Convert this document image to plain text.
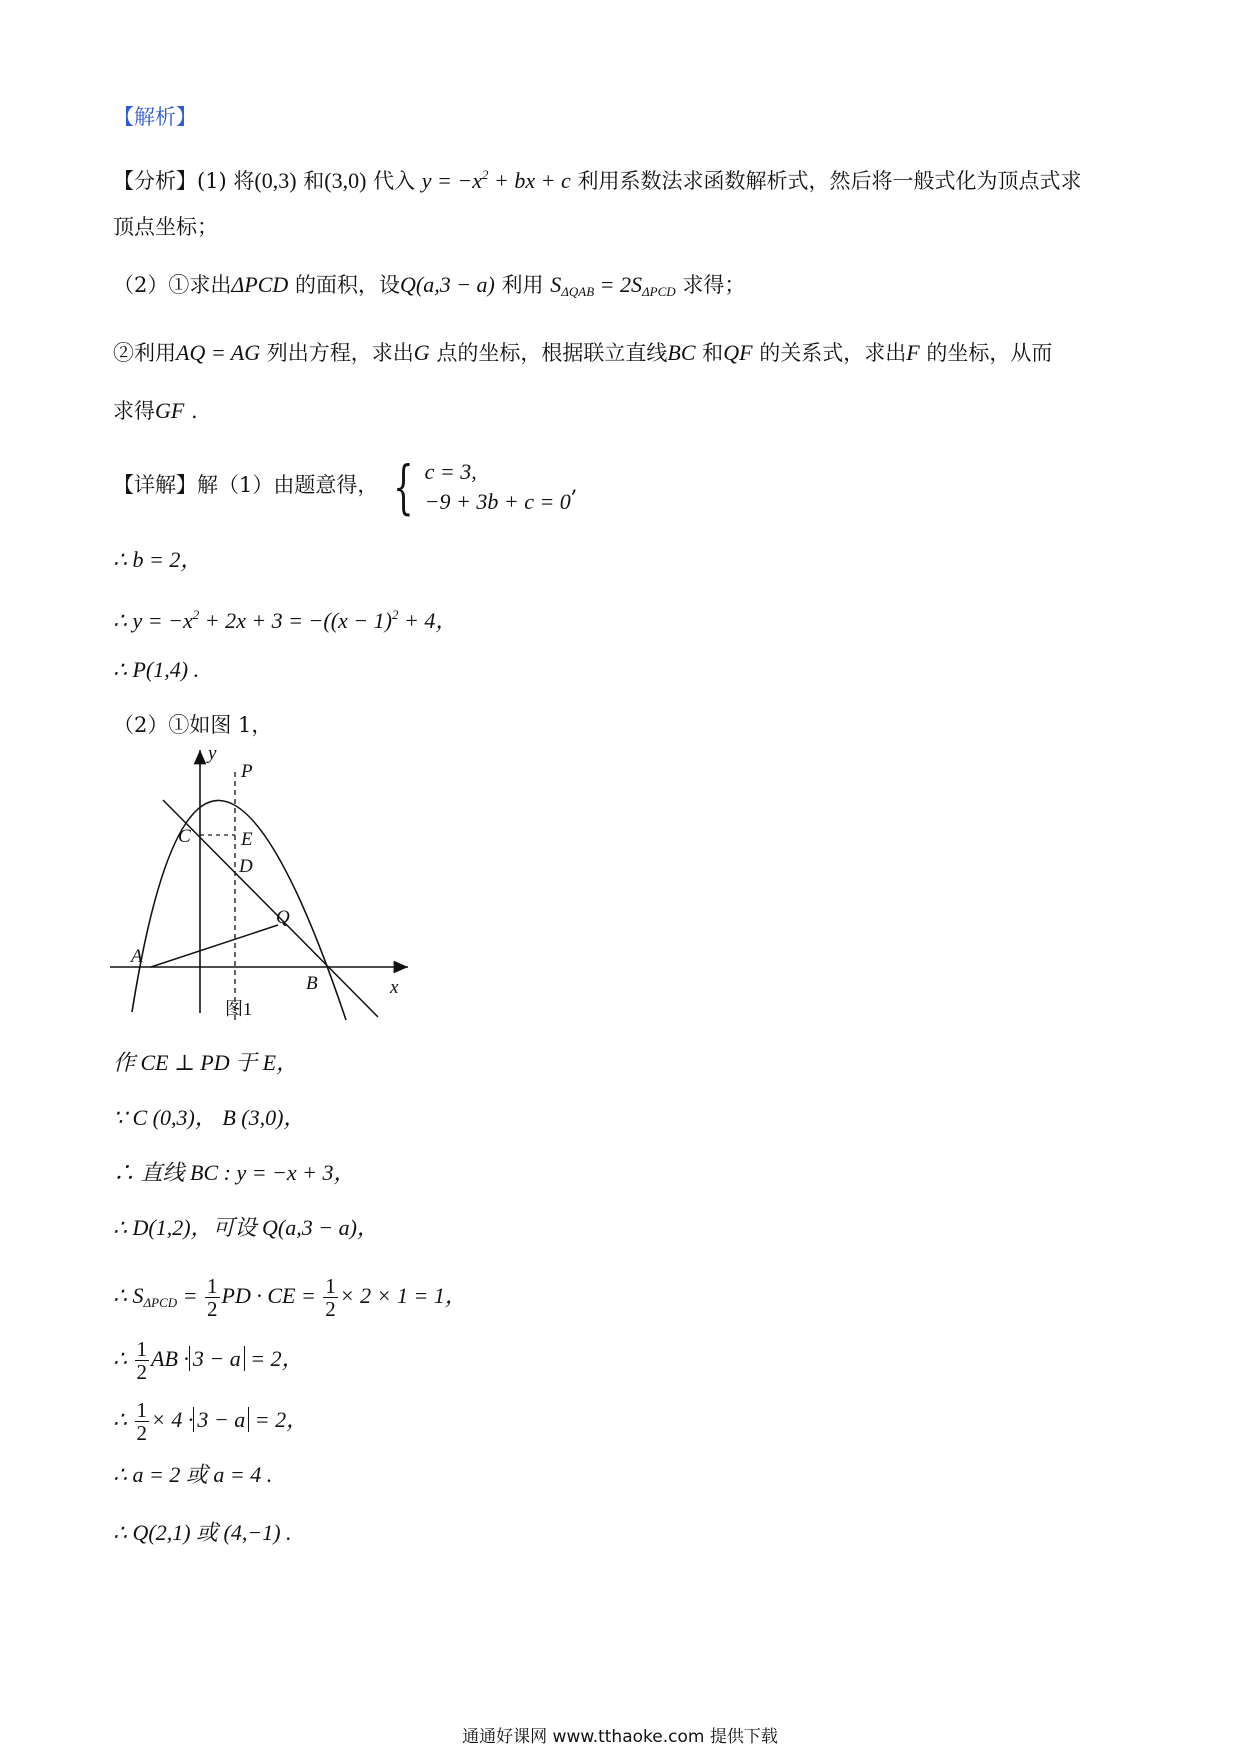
【解析】
【分析】(1) 将(0,3) 和(3,0) 代入 $y = -x^2$ + bx + c 利用系数法求函数解析式，然后将一般式化为顶点式求
顶点坐标；
（2）①求出ΔPCD 的面积，设Q(a,3 − a) 利用 $S_{\Delta QAB} = 2S_{\Delta PCD}$ 求得；
②利用AQ = AG 列出方程，求出G 点的坐标，根据联立直线BC 和QF 的关系式，求出F 的坐标，从而
求得GF .
【详解】解（1）由题意得， { c = 3,
−9 + 3b + c = 0
,
∴ b = 2，
∴ $y = -x^2 + 2x + 3 = -((x - 1)^2 + 4$，
∴ P(1,4) .
（2）①如图 1，
y
x
P
C	E
D
Q
A
B
图1
作 CE ⊥ PD 于 E，
∵ C (0,3)， B (3,0)，
∴ 直线 BC : y = −x + 3，
∴ D(1,2)，可设 Q(a,3 − a)，
∴ $S_{\Delta PCD} = \frac{1}{2}$ PD · CE = $\frac{1}{2} \times 2 \times 1 = 1$，
∴ $\frac{1}{2}$ AB · 3 − a = 2，
∴ $\frac{1}{2} \times 4 \cdot 3 - a = 2$，
∴ a = 2 或 a = 4 .
∴ Q(2,1) 或 (4,−1) .
通通好课网 www.tthaoke.com 提供下载
